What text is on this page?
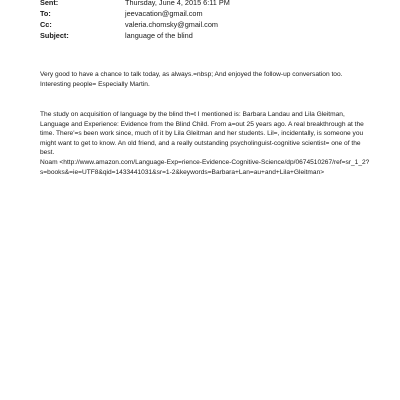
Sent:	Thursday, June 4, 2015 6:11 PM
To:	jeevacation@gmail.com
Cc:	valeria.chomsky@gmail.com
Subject:	language of the blind

Very good to have a chance to talk today, as always.=nbsp; And enjoyed the follow-up conversation too. Interesting people= Especially Martin.

The study on acquisition of language by the blind th=t I mentioned is: Barbara Landau and Lila Gleitman, Language and Experience: Evidence from the Blind Child. From a=out 25 years ago. A real breakthrough at the time. There'=s been work since, much of it by Lila Gleitman and her students. Lil=, incidentally, is someone you might want to get to know. An old friend, and a really outstanding psycholinguist-cognitive scientist= one of the best.

Noam <http://www.amazon.com/Language-Exp=rience-Evidence-Cognitive-Science/dp/0674510267/ref=sr_1_2?s=books&=ie=UTF8&qid=1433441031&sr=1-2&keywords=Barbara+Lan=au+and+Lila+Gleitman>
